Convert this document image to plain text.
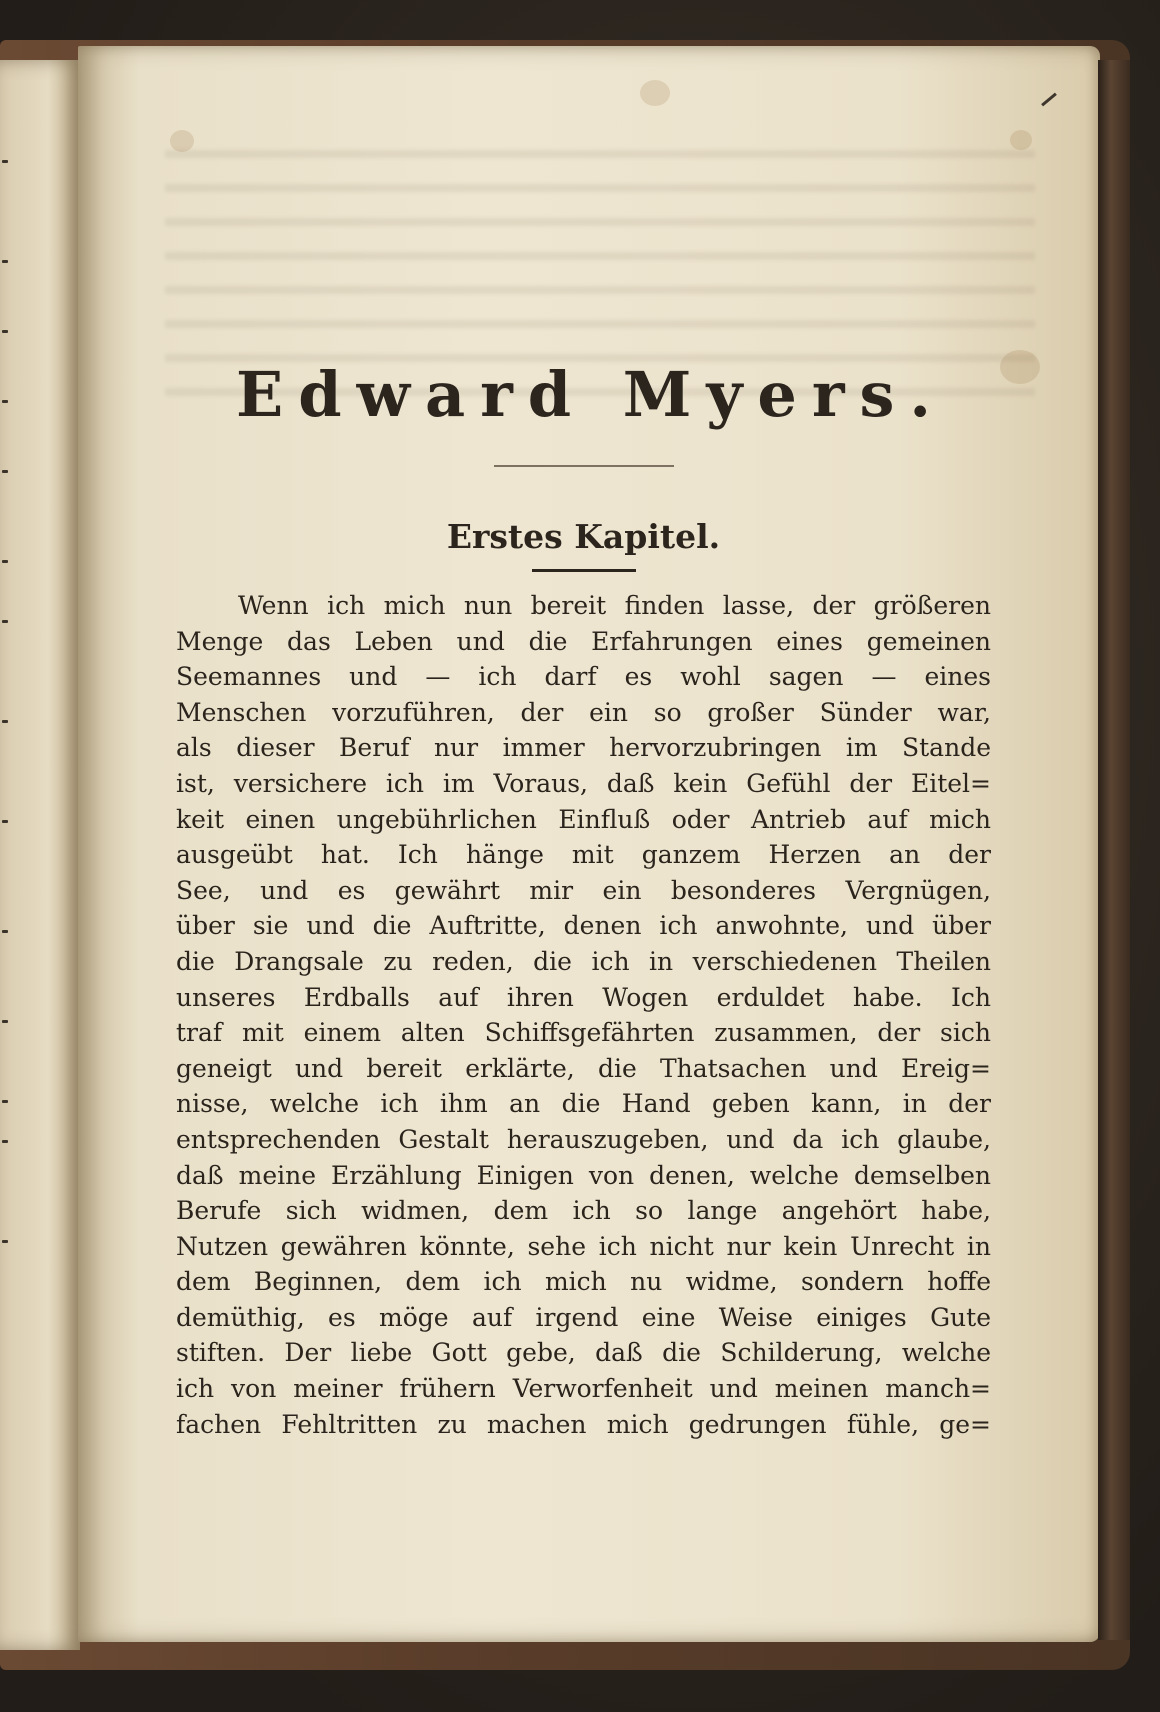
Edward Myers.
Erstes Kapitel.
Wenn ich mich nun bereit finden lasse, der größeren
Menge das Leben und die Erfahrungen eines gemeinen
Seemannes und — ich darf es wohl sagen — eines
Menschen vorzuführen, der ein so großer Sünder war,
als dieser Beruf nur immer hervorzubringen im Stande
ist, versichere ich im Voraus, daß kein Gefühl der Eitel=
keit einen ungebührlichen Einfluß oder Antrieb auf mich
ausgeübt hat. Ich hänge mit ganzem Herzen an der
See, und es gewährt mir ein besonderes Vergnügen,
über sie und die Auftritte, denen ich anwohnte, und über
die Drangsale zu reden, die ich in verschiedenen Theilen
unseres Erdballs auf ihren Wogen erduldet habe. Ich
traf mit einem alten Schiffsgefährten zusammen, der sich
geneigt und bereit erklärte, die Thatsachen und Ereig=
nisse, welche ich ihm an die Hand geben kann, in der
entsprechenden Gestalt herauszugeben, und da ich glaube,
daß meine Erzählung Einigen von denen, welche demselben
Berufe sich widmen, dem ich so lange angehört habe,
Nutzen gewähren könnte, sehe ich nicht nur kein Unrecht in
dem Beginnen, dem ich mich nu widme, sondern hoffe
demüthig, es möge auf irgend eine Weise einiges Gute
stiften. Der liebe Gott gebe, daß die Schilderung, welche
ich von meiner frühern Verworfenheit und meinen manch=
fachen Fehltritten zu machen mich gedrungen fühle, ge=
